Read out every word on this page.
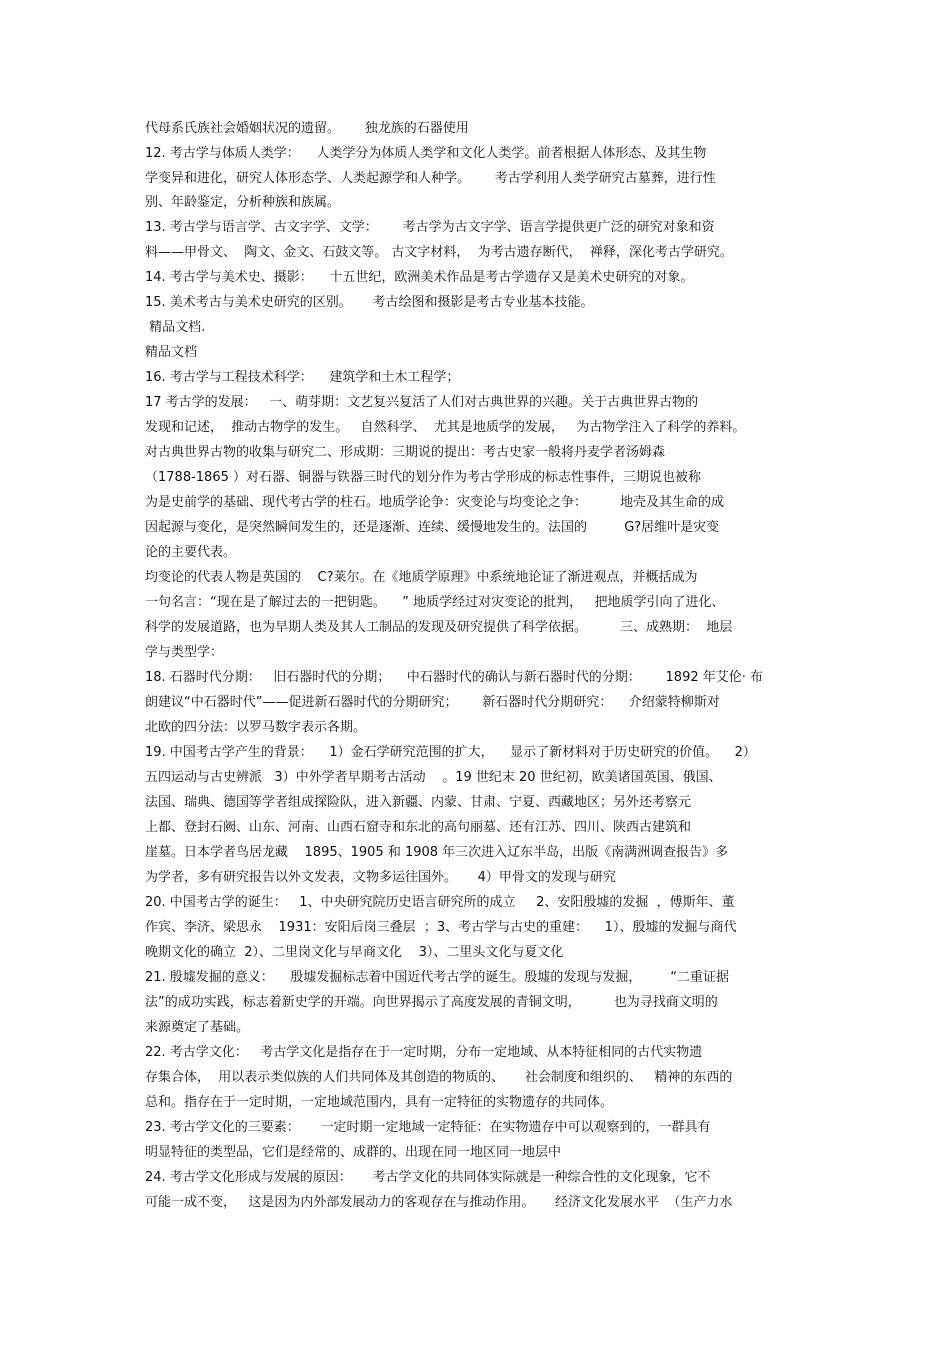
代母系氏族社会婚姻状况的遗留。      独龙族的石器使用
12. 考古学与体质人类学：    人类学分为体质人类学和文化人类学。前者根据人体形态、及其生物
学变异和进化，研究人体形态学、人类起源学和人种学。      考古学利用人类学研究古墓葬，进行性
别、年龄鉴定，分析种族和族属。
13. 考古学与语言学、古文字学、文学：      考古学为古文字学、语言学提供更广泛的研究对象和资
料——甲骨文、  陶文、金文、石鼓文等。 古文字材料，  为考古遗存断代，  禅释，深化考古学研究。
14. 考古学与美术史、摄影：    十五世纪，欧洲美术作品是考古学遗存又是美术史研究的对象。
15. 美术考古与美术史研究的区别。     考古绘图和摄影是考古专业基本技能。
精品文档.
精品文档
16. 考古学与工程技术科学：    建筑学和土木工程学；
17 考古学的发展：   一、萌芽期：文艺复兴复活了人们对古典世界的兴趣。关于古典世界古物的
发现和记述，  推动古物学的发生。   自然科学、  尤其是地质学的发展，   为古物学注入了科学的养料。
对古典世界古物的收集与研究二、形成期：三期说的提出：考古史家一般将丹麦学者汤姆森
（1788-1865 ）对石器、铜器与铁器三时代的划分作为考古学形成的标志性事件，三期说也被称
为是史前学的基础、现代考古学的柱石。地质学论争：灾变论与均变论之争：        地壳及其生命的成
因起源与变化，是突然瞬间发生的，还是逐渐、连续、缓慢地发生的。法国的         G?居维叶是灾变
论的主要代表。
均变论的代表人物是英国的    C?莱尔。在《地质学原理》中系统地论证了渐进观点，并概括成为
一句名言：“现在是了解过去的一把钥匙。    ” 地质学经过对灾变论的批判，   把地质学引向了进化、
科学的发展道路，也为早期人类及其人工制品的发现及研究提供了科学依据。        三、成熟期：  地层
学与类型学：
18. 石器时代分期：   旧石器时代的分期；    中石器时代的确认与新石器时代的分期：      1892 年艾伦· 布
朗建议“中石器时代”——促进新石器时代的分期研究；      新石器时代分期研究：    介绍蒙特柳斯对
北欧的四分法：以罗马数字表示各期。
19. 中国考古学产生的背景：    1）金石学研究范围的扩大，    显示了新材料对于历史研究的价值。    2）
五四运动与古史辨派   3）中外学者早期考古活动    。19 世纪末 20 世纪初，欧美诸国英国、俄国、
法国、瑞典、德国等学者组成探险队，进入新疆、内蒙、甘肃、宁夏、西藏地区；另外还考察元
上都、登封石阙、山东、河南、山西石窟寺和东北的高句丽墓、还有江苏、四川、陕西古建筑和
崖墓。日本学者鸟居龙藏    1895、1905 和 1908 年三次进入辽东半岛，出版《南满洲调查报告》多
为学者，多有研究报告以外文发表，文物多运往国外。     4）甲骨文的发现与研究
20. 中国考古学的诞生：   1、中央研究院历史语言研究所的成立     2、安阳殷墟的发掘  ，傅斯年、董
作宾、李济、梁思永    1931：安阳后岗三叠层  ；3、考古学与古史的重建：    1）、殷墟的发掘与商代
晚期文化的确立  2）、二里岗文化与早商文化    3）、二里头文化与夏文化
21. 殷墟发掘的意义：    殷墟发掘标志着中国近代考古学的诞生。殷墟的发现与发掘，       “二重证据
法”的成功实践，标志着新史学的开端。向世界揭示了高度发展的青铜文明，        也为寻找商文明的
来源奠定了基础。
22. 考古学文化：   考古学文化是指存在于一定时期，分布一定地域、从本特征相同的古代实物遗
存集合体，  用以表示类似族的人们共同体及其创造的物质的、     社会制度和组织的、   精神的东西的
总和。指存在于一定时期，一定地域范围内，具有一定特征的实物遗存的共同体。
23. 考古学文化的三要素：     一定时期一定地域一定特征：在实物遗存中可以观察到的，一群具有
明显特征的类型品，它们是经常的、成群的、出现在同一地区同一地层中
24. 考古学文化形成与发展的原因：     考古学文化的共同体实际就是一种综合性的文化现象，它不
可能一成不变，   这是因为内外部发展动力的客观存在与推动作用。     经济文化发展水平  （生产力水
